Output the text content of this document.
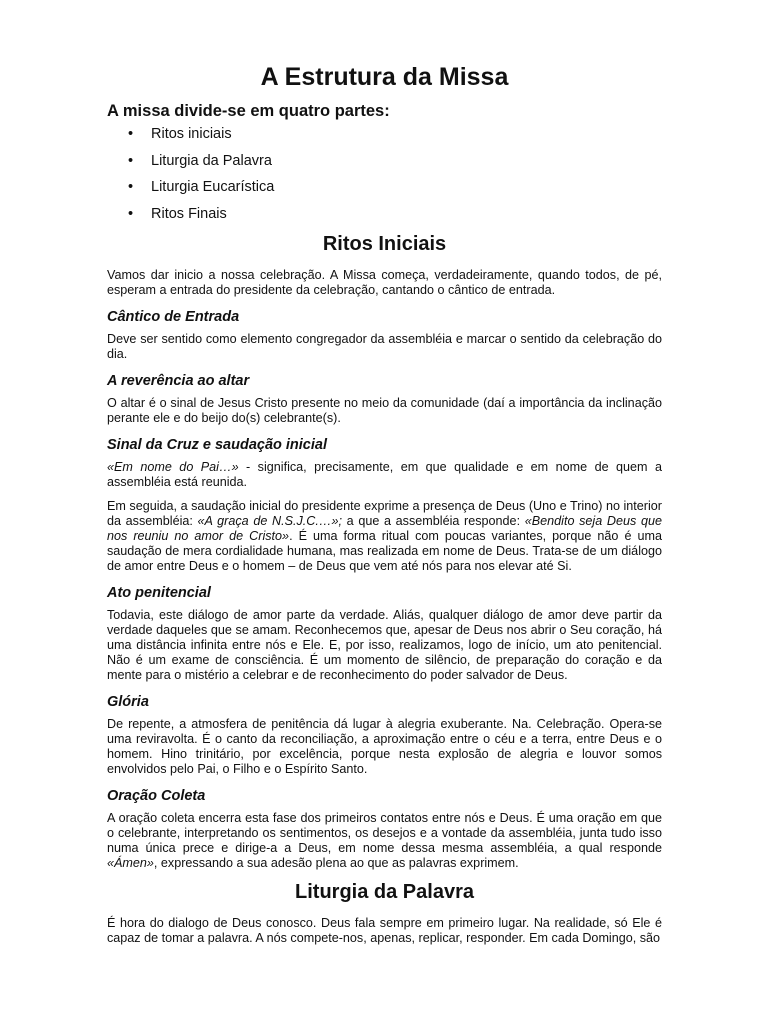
A Estrutura da Missa
A missa divide-se em quatro partes:
• Ritos iniciais
• Liturgia da Palavra
• Liturgia Eucarística
• Ritos Finais
Ritos Iniciais

Vamos dar inicio a nossa celebração. A Missa começa, verdadeiramente, quando todos, de pé, esperam a entrada do presidente da celebração, cantando o cântico de entrada.

Cântico de Entrada

Deve ser sentido como elemento congregador da assembléia e marcar o sentido da celebração do dia.

A reverência ao altar

O altar é o sinal de Jesus Cristo presente no meio da comunidade (daí a importância da inclinação perante ele e do beijo do(s) celebrante(s).

Sinal da Cruz e saudação inicial

«Em nome do Pai…» - significa, precisamente, em que qualidade e em nome de quem a assembléia está reunida.

Em seguida, a saudação inicial do presidente exprime a presença de Deus (Uno e Trino) no interior da assembléia: «A graça de N.S.J.C.…»; a que a assembléia responde: «Bendito seja Deus que nos reuniu no amor de Cristo». É uma forma ritual com poucas variantes, porque não é uma saudação de mera cordialidade humana, mas realizada em nome de Deus. Trata-se de um diálogo de amor entre Deus e o homem – de Deus que vem até nós para nos elevar até Si.

Ato penitencial

Todavia, este diálogo de amor parte da verdade. Aliás, qualquer diálogo de amor deve partir da verdade daqueles que se amam. Reconhecemos que, apesar de Deus nos abrir o Seu coração, há uma distância infinita entre nós e Ele. E, por isso, realizamos, logo de início, um ato penitencial. Não é um exame de consciência. É um momento de silêncio, de preparação do coração e da mente para o mistério a celebrar e de reconhecimento do poder salvador de Deus.

Glória

De repente, a atmosfera de penitência dá lugar à alegria exuberante. Na. Celebração. Opera-se uma reviravolta. É o canto da reconciliação, a aproximação entre o céu e a terra, entre Deus e o homem. Hino trinitário, por excelência, porque nesta explosão de alegria e louvor somos envolvidos pelo Pai, o Filho e o Espírito Santo.

Oração Coleta

A oração coleta encerra esta fase dos primeiros contatos entre nós e Deus. É uma oração em que o celebrante, interpretando os sentimentos, os desejos e a vontade da assembléia, junta tudo isso numa única prece e dirige-a a Deus, em nome dessa mesma assembléia, a qual responde «Ámen», expressando a sua adesão plena ao que as palavras exprimem.

Liturgia da Palavra

É hora do dialogo de Deus conosco. Deus fala sempre em primeiro lugar. Na realidade, só Ele é capaz de tomar a palavra. A nós compete-nos, apenas, replicar, responder. Em cada Domingo, são
